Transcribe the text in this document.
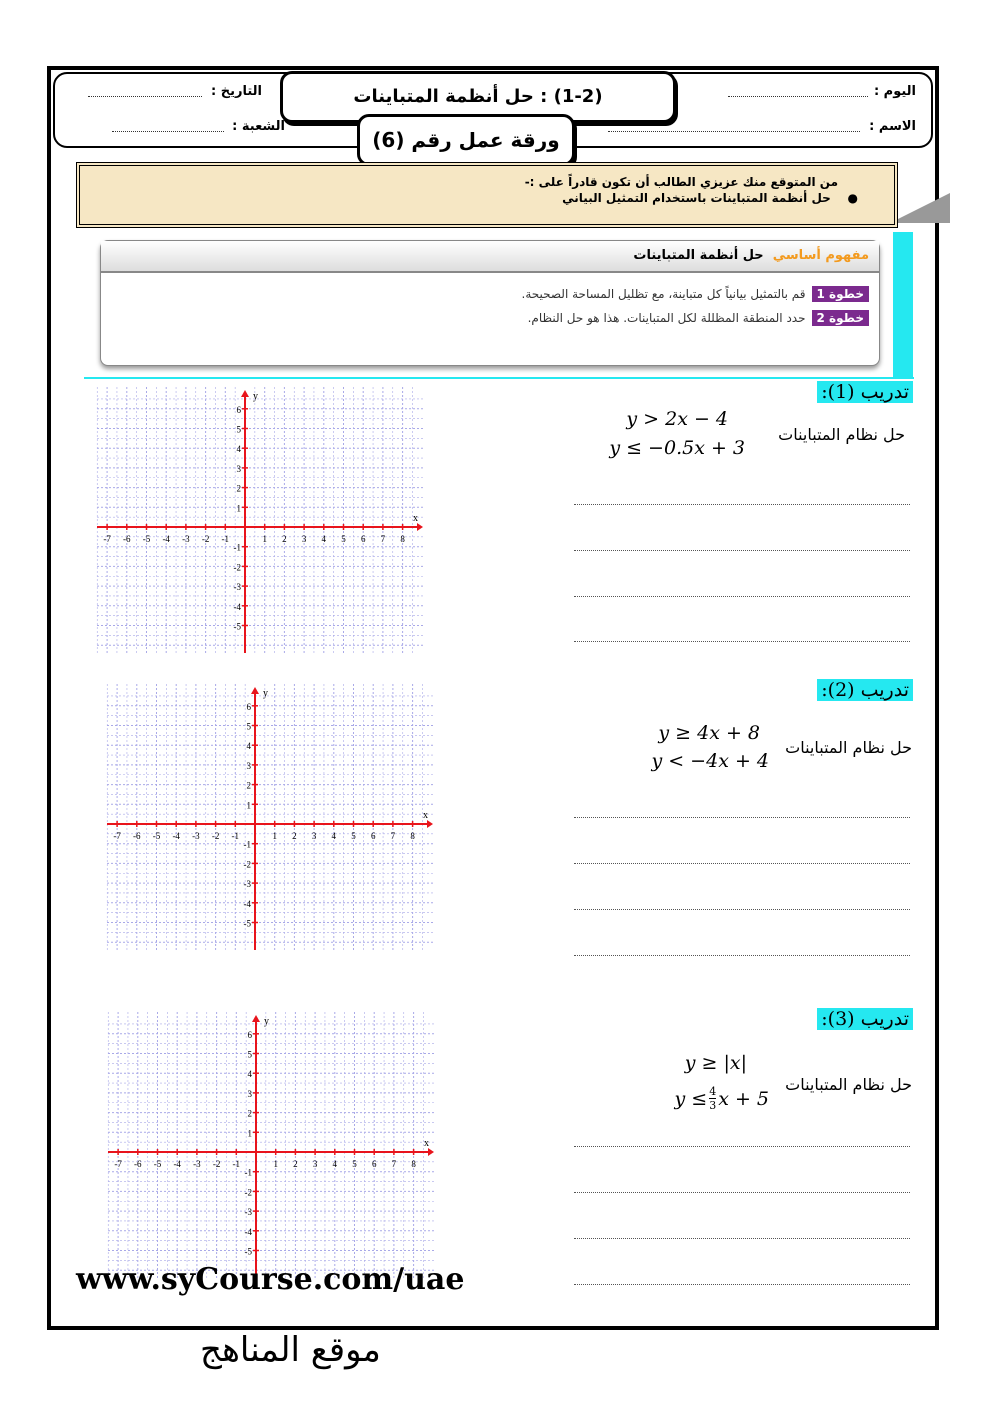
اليوم :
الاسم :
التاريخ :
الشعبة :
(1-2) : حل أنظمة المتباينات
ورقة عمل رقم (6)
من المتوقع منك عزيزي الطالب أن تكون قادراً على :-
●    حل أنظمة المتباينات باستخدام التمثيل البياني
مفهوم أساسي  حل أنظمة المتباينات
خطوة 1قم بالتمثيل بيانياً كل متباينة، مع تظليل المساحة الصحيحة.
خطوة 2حدد المنطقة المظللة لكل المتباينات. هذا هو حل النظام.
تدريب (1):
حل نظام المتباينات
y > 2x − 4
y ≤ −0.5x + 3
تدريب (2):
حل نظام المتباينات
y ≥ 4x + 8
y < −4x + 4
تدريب (3):
حل نظام المتباينات
y ≥ |x|
$y \le \frac{4}{3}$ x + 5
-7 -6 -5 -4 -3 -2 -1	1 2 3 4 5 6 7 8
-5
-4
-3
-2
-1
1
2
3
4
5
6
x
y
-7 -6 -5 -4 -3 -2 -1	1 2 3 4 5 6 7 8
-5
-4
-3
-2
-1
1
2
3
4
5
6
x
y
-7 -6 -5 -4 -3 -2 -1	1 2 3 4 5 6 7 8
-5
-4
-3
-2
-1
1
2
3
4
5
6
x
y
www.syCourse.com/uae
موقع المناهج
